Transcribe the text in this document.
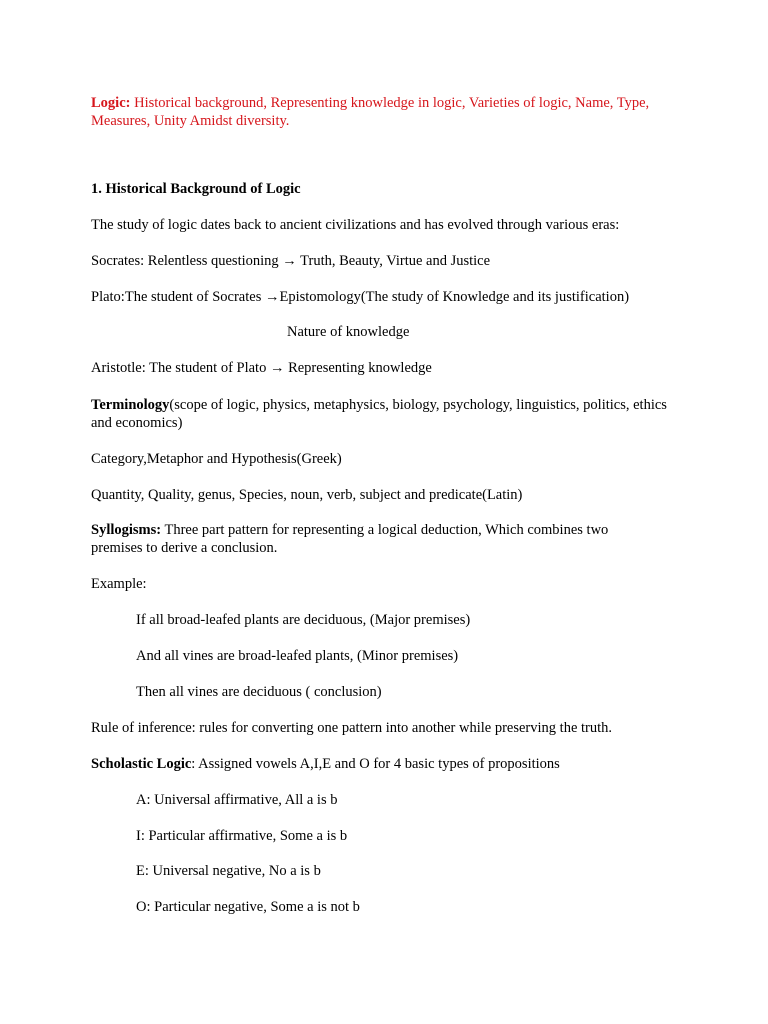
Logic: Historical background, Representing knowledge in logic, Varieties of logic, Name, Type, Measures, Unity Amidst diversity.
1. Historical Background of Logic
The study of logic dates back to ancient civilizations and has evolved through various eras:
Socrates: Relentless questioning → Truth, Beauty, Virtue and Justice
Plato:The student of Socrates →Epistomology(The study of Knowledge and its justification)
Nature of knowledge
Aristotle: The student of Plato → Representing knowledge
Terminology(scope of logic, physics, metaphysics, biology, psychology, linguistics, politics, ethics and economics)
Category,Metaphor and Hypothesis(Greek)
Quantity, Quality, genus, Species, noun, verb, subject and predicate(Latin)
Syllogisms: Three part pattern for representing a logical deduction, Which combines two premises to derive a conclusion.
Example:
If all broad-leafed plants are deciduous, (Major premises)
And all vines are broad-leafed plants, (Minor premises)
Then all vines are deciduous ( conclusion)
Rule of inference: rules for converting one pattern into another while preserving the truth.
Scholastic Logic: Assigned vowels A,I,E and O for 4 basic types of propositions
A: Universal affirmative, All a is b
I: Particular affirmative, Some a is b
E: Universal negative, No a is b
O: Particular negative, Some a is not b
